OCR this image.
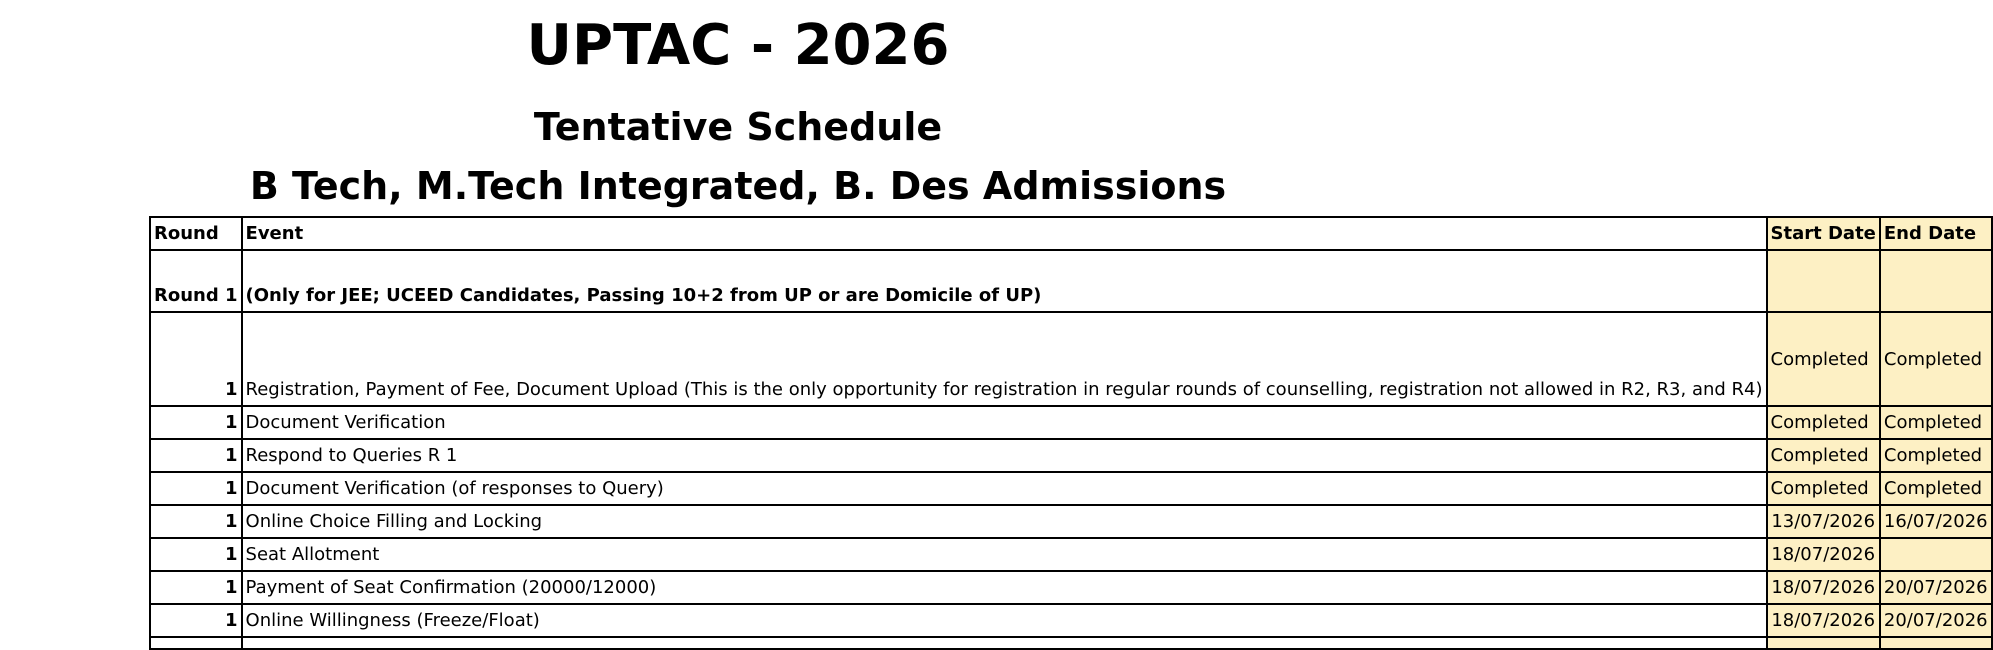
UPTAC - 2026
Tentative Schedule
B Tech, M.Tech Integrated, B. Des Admissions
Round	Event	Start Date	End Date
Round 1	(Only for JEE; UCEED Candidates, Passing 10+2 from UP or are Domicile of UP)		
1	Registration, Payment of Fee, Document Upload (This is the only opportunity for registration in regular rounds of counselling, registration not allowed in R2, R3, and R4)	Completed	Completed
1	Document Verification	Completed	Completed
1	Respond to Queries R 1	Completed	Completed
1	Document Verification (of responses to Query)	Completed	Completed
1	Online Choice Filling and Locking	13/07/2026	16/07/2026
1	Seat Allotment	18/07/2026	
1	Payment of Seat Confirmation (20000/12000)	18/07/2026	20/07/2026
1	Online Willingness (Freeze/Float)	18/07/2026	20/07/2026
